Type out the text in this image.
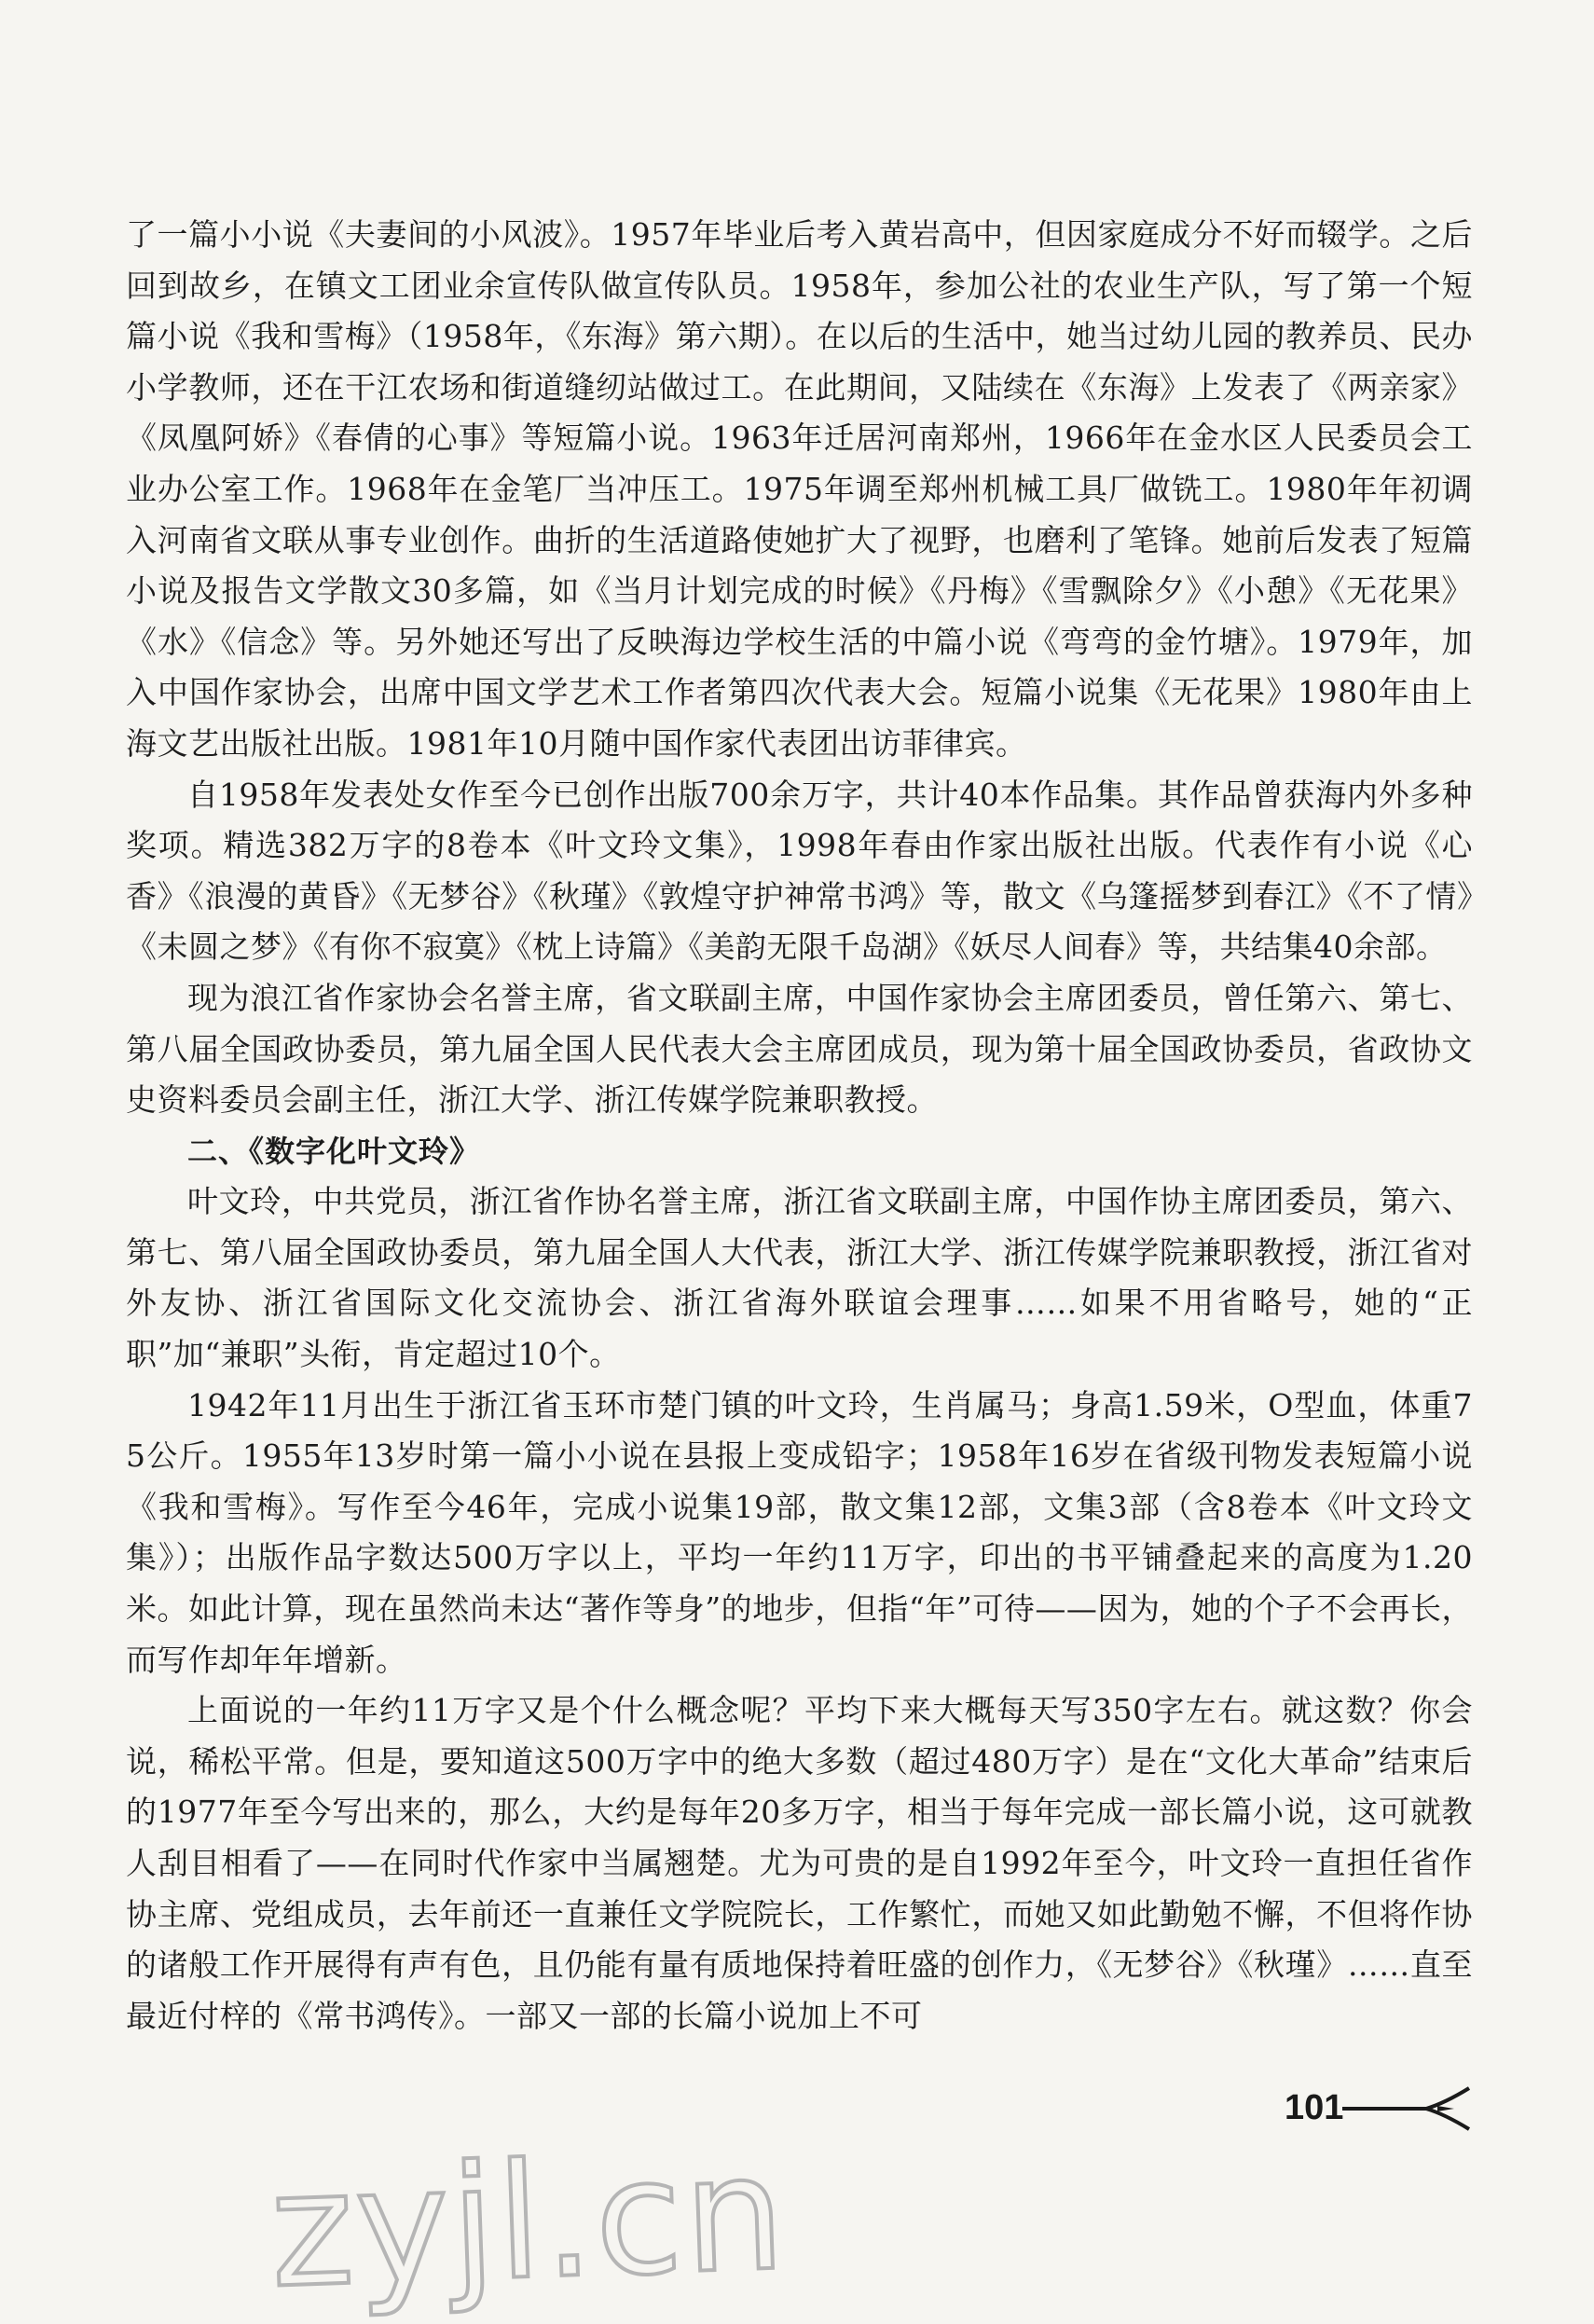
了一篇小小说《夫妻间的小风波》。1957年毕业后考入黄岩高中，但因家庭成分不好而辍学。之后回到故乡，在镇文工团业余宣传队做宣传队员。1958年，参加公社的农业生产队，写了第一个短篇小说《我和雪梅》（1958年，《东海》第六期）。在以后的生活中，她当过幼儿园的教养员、民办小学教师，还在干江农场和街道缝纫站做过工。在此期间，又陆续在《东海》上发表了《两亲家》《凤凰阿娇》《春倩的心事》等短篇小说。1963年迁居河南郑州，1966年在金水区人民委员会工业办公室工作。1968年在金笔厂当冲压工。1975年调至郑州机械工具厂做铣工。1980年年初调入河南省文联从事专业创作。曲折的生活道路使她扩大了视野，也磨利了笔锋。她前后发表了短篇小说及报告文学散文30多篇，如《当月计划完成的时候》《丹梅》《雪飘除夕》《小憩》《无花果》《水》《信念》等。另外她还写出了反映海边学校生活的中篇小说《弯弯的金竹塘》。1979年，加入中国作家协会，出席中国文学艺术工作者第四次代表大会。短篇小说集《无花果》1980年由上海文艺出版社出版。1981年10月随中国作家代表团出访菲律宾。

自1958年发表处女作至今已创作出版700余万字，共计40本作品集。其作品曾获海内外多种奖项。精选382万字的8卷本《叶文玲文集》，1998年春由作家出版社出版。代表作有小说《心香》《浪漫的黄昏》《无梦谷》《秋瑾》《敦煌守护神常书鸿》等，散文《乌篷摇梦到春江》《不了情》《未圆之梦》《有你不寂寞》《枕上诗篇》《美韵无限千岛湖》《妖尽人间春》等，共结集40余部。

现为浪江省作家协会名誉主席，省文联副主席，中国作家协会主席团委员，曾任第六、第七、第八届全国政协委员，第九届全国人民代表大会主席团成员，现为第十届全国政协委员，省政协文史资料委员会副主任，浙江大学、浙江传媒学院兼职教授。

二、《数字化叶文玲》

叶文玲，中共党员，浙江省作协名誉主席，浙江省文联副主席，中国作协主席团委员，第六、第七、第八届全国政协委员，第九届全国人大代表，浙江大学、浙江传媒学院兼职教授，浙江省对外友协、浙江省国际文化交流协会、浙江省海外联谊会理事……如果不用省略号，她的“正职”加“兼职”头衔，肯定超过10个。

1942年11月出生于浙江省玉环市楚门镇的叶文玲，生肖属马；身高1.59米，O型血，体重75公斤。1955年13岁时第一篇小小说在县报上变成铅字；1958年16岁在省级刊物发表短篇小说《我和雪梅》。写作至今46年，完成小说集19部，散文集12部，文集3部（含8卷本《叶文玲文集》）；出版作品字数达500万字以上，平均一年约11万字，印出的书平铺叠起来的高度为1.20米。如此计算，现在虽然尚未达“著作等身”的地步，但指“年”可待——因为，她的个子不会再长，而写作却年年增新。

上面说的一年约11万字又是个什么概念呢？平均下来大概每天写350字左右。就这数？你会说，稀松平常。但是，要知道这500万字中的绝大多数（超过480万字）是在“文化大革命”结束后的1977年至今写出来的，那么，大约是每年20多万字，相当于每年完成一部长篇小说，这可就教人刮目相看了——在同时代作家中当属翘楚。尤为可贵的是自1992年至今，叶文玲一直担任省作协主席、党组成员，去年前还一直兼任文学院院长，工作繁忙，而她又如此勤勉不懈，不但将作协的诸般工作开展得有声有色，且仍能有量有质地保持着旺盛的创作力，《无梦谷》《秋瑾》……直至最近付梓的《常书鸿传》。一部又一部的长篇小说加上不可

101
zyjl.cn
